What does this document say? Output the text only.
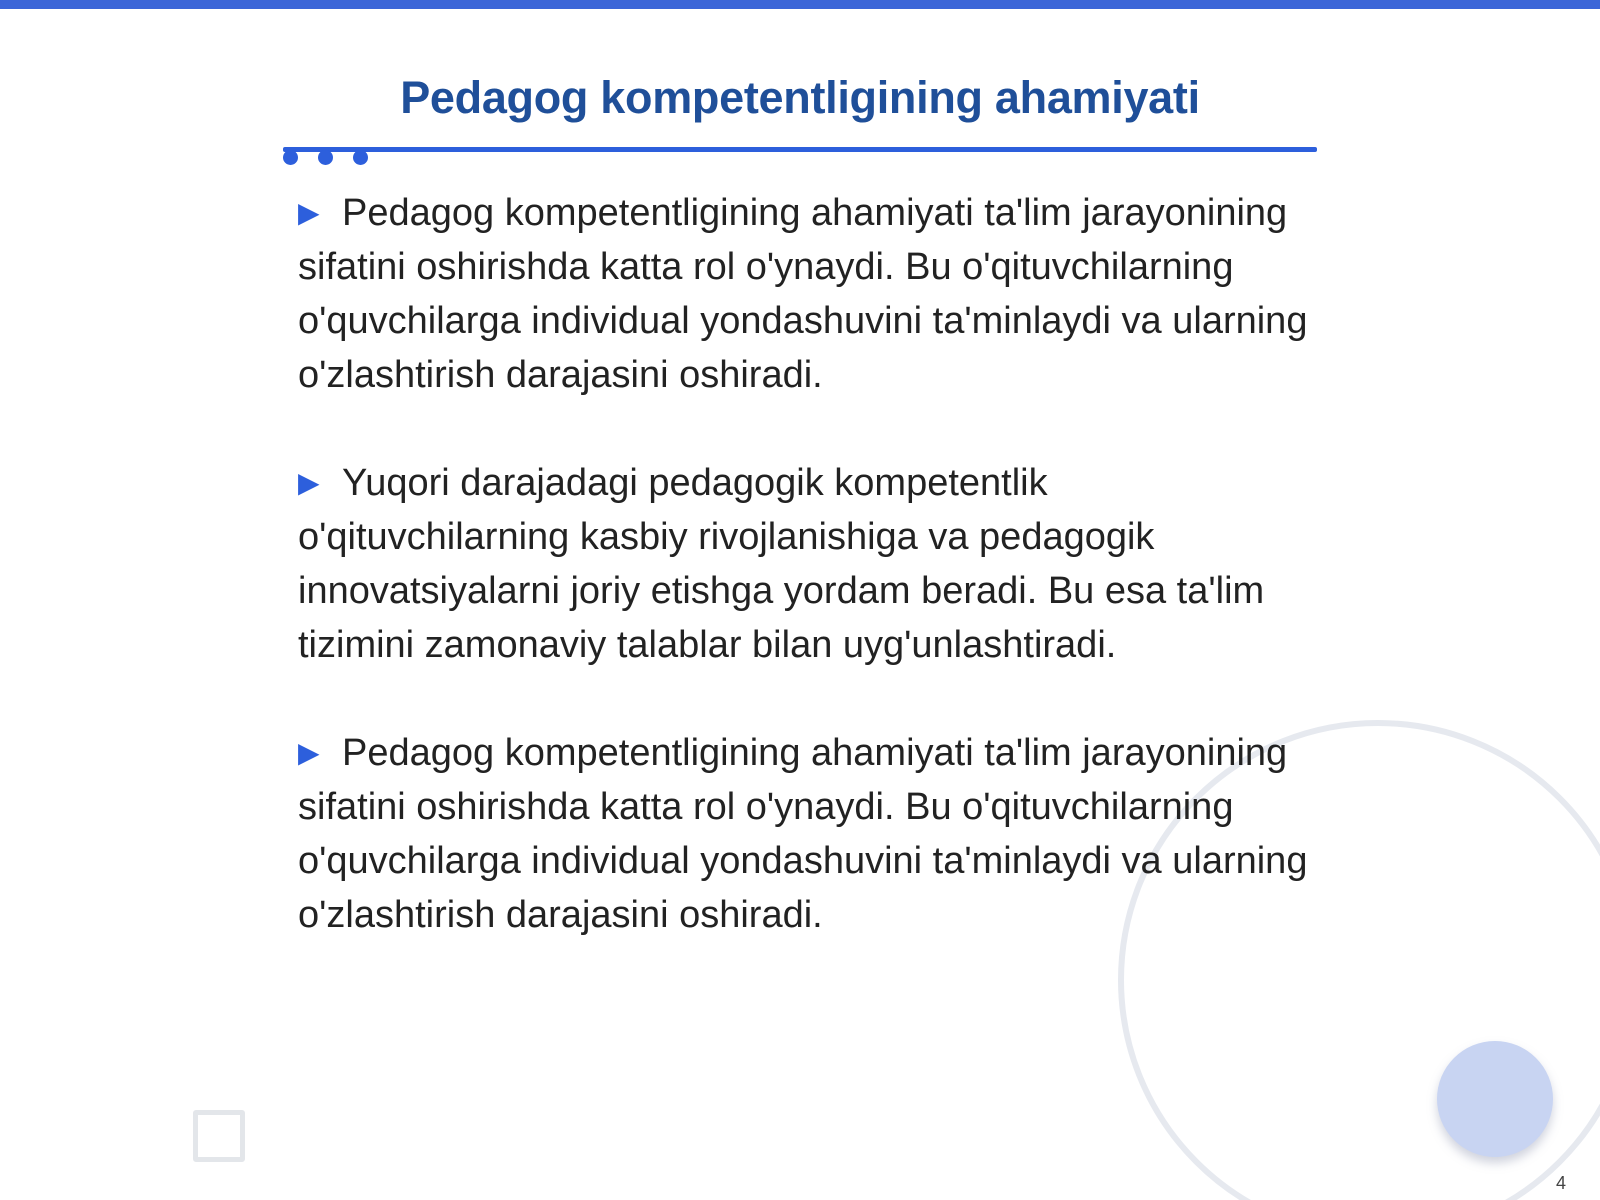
Pedagog kompetentligining ahamiyati

▶ Pedagog kompetentligining ahamiyati ta'lim jarayonining sifatini oshirishda katta rol o'ynaydi. Bu o'qituvchilarning o'quvchilarga individual yondashuvini ta'minlaydi va ularning o'zlashtirish darajasini oshiradi.

▶ Yuqori darajadagi pedagogik kompetentlik o'qituvchilarning kasbiy rivojlanishiga va pedagogik innovatsiyalarni joriy etishga yordam beradi. Bu esa ta'lim tizimini zamonaviy talablar bilan uyg'unlashtiradi.

▶ Pedagog kompetentligining ahamiyati ta'lim jarayonining sifatini oshirishda katta rol o'ynaydi. Bu o'qituvchilarning o'quvchilarga individual yondashuvini ta'minlaydi va ularning o'zlashtirish darajasini oshiradi.

4
